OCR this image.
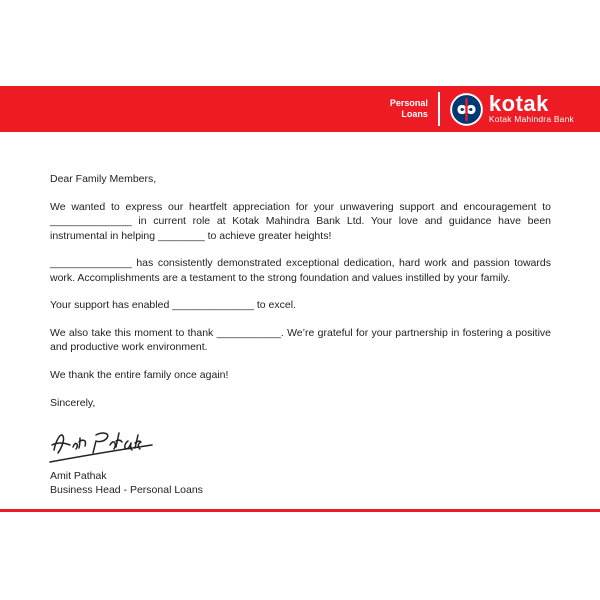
Personal
Loans	kotak
Kotak Mahindra Bank

Dear Family Members,

We wanted to express our heartfelt appreciation for your unwavering support and encouragement to ______________ in current role at Kotak Mahindra Bank Ltd. Your love and guidance have been instrumental in helping ________ to achieve greater heights!

______________ has consistently demonstrated exceptional dedication, hard work and passion towards work. Accomplishments are a testament to the strong foundation and values instilled by your family.

Your support has enabled ______________ to excel.

We also take this moment to thank ___________. We’re grateful for your partnership in fostering a positive and productive work environment.

We thank the entire family once again!

Sincerely,

Amit Pathak
Business Head - Personal Loans
